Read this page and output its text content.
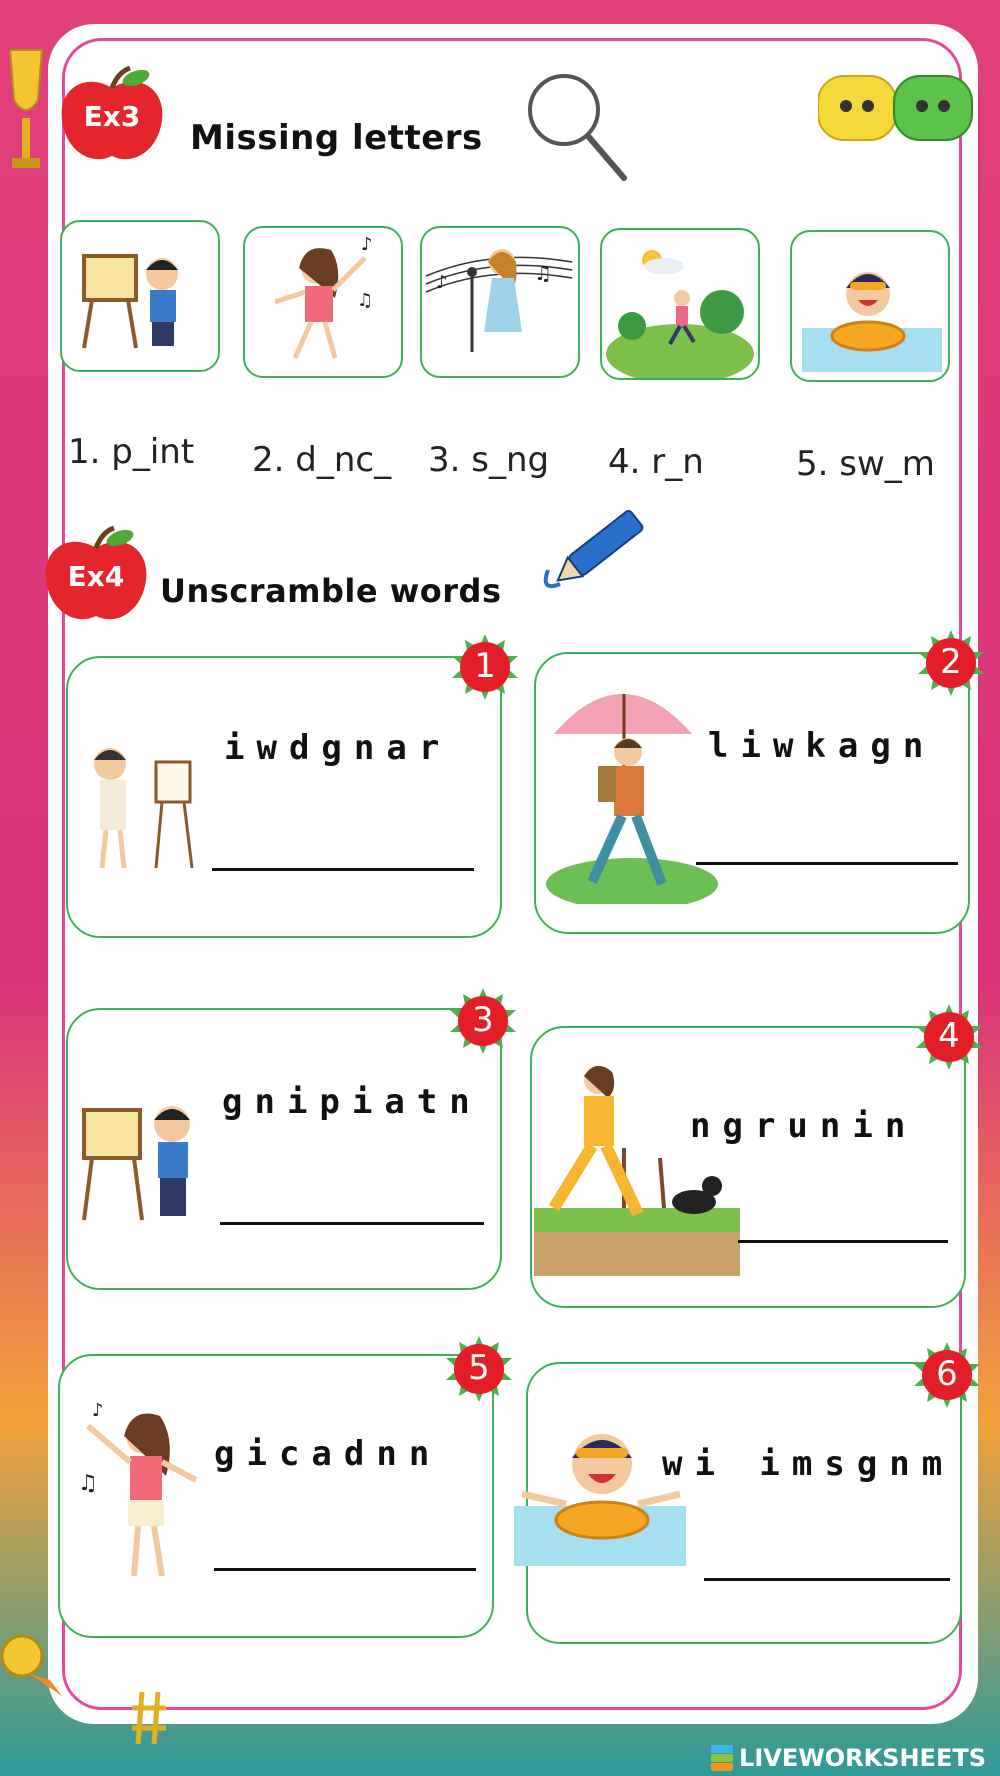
Ex3
Missing letters
♪
♫
♫
♪
1. p_int 2. d_nc_ 3. s_ng 4. r_n	5. sw_m
Ex4	Unscramble words
iwdgnar
1
liwkagn
2
gnipiatn
3
ngrunin
4
♫
♪
gicadnn
5
wi imsgnm
6
LIVEWORKSHEETS
